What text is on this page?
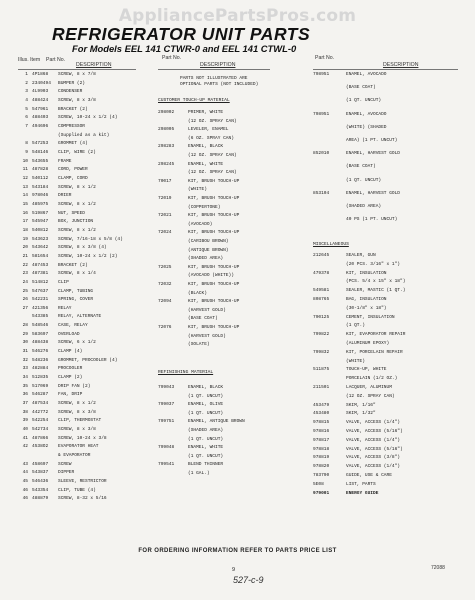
AppliancePartsPros.com
REFRIGERATOR UNIT PARTS
For Models EEL 141 CTWR-0 and EEL 141 CTWL-0
Illus. Item Part No.
DESCRIPTION
1 4P1868 SCREW, 8 x 7/8
2 2340494 BUMPER (2)
3 4L9903 CONDENSER
4 488424 SCREW, 8 x 3/8
5 547961 BRACKET (2)
6 488403 SCREW, 10-24 x 1/2 (4)
7 494696 COMPRESSOR
(Supplied as a kit)
8 547253 GROMMET (4)
9 548146 CLIP, WIRE (2)
10 543655 FRAME
11 487828 CORD, POWER
12 540112 CLAMP, CORD
13 543184 SCREW, 8 x 1/2
14 978046 DRIER
15 485975 SCREW, 8 x 1/2
16 519867 NUT, SPEED
17 545947 BOX, JUNCTION
18 540812 SCREW, 8 x 1/2
19 543623 SCREW, 7/16-18 x 5/8 (4)
20 543642 SCREW, 8 x 3/8 (4)
21 581654 SCREW, 10-24 x 1/2 (2)
22 487453 BRACKET (2)
23 487381 SCREW, 8 x 1/4
24 514812 CLIP
25 547637 CLAMP, TUBING
26 542231 SPRING, COVER
27 421356 RELAY
543385 RELAY, ALTERNATE
28 548546 CASE, RELAY
29 583697 OVERLOAD
30 488438 SCREW, 6 x 1/2
31 546276 CLAMP (4)
32 548236 GROMMET, PROCOOLER (4)
33 482884 PROCOOLER
34 512835 CLAMP (2)
35 517069 DRIP FAN (2)
36 546287 FAN, DRIP
37 487534 SCREW, 8 x 1/2
38 442772 SCREW, 8 x 3/8
39 542254 CLIP, THERMOSTAT
40 542734 SCREW, 8 x 3/8
41 487866 SCREW, 10-24 x 3/8
42 4538O2 EVAPORATOR HEAT
& EVAPORATOR
43 458697 SCREW
44 543837 DIPPER
45 546436 SLEEVE, RESTRICTOR
46 543354 CLIP, TUBE (4)
46 488879 SCREW, 8-32 x 5/16
Part No.
DESCRIPTION
PARTS NOT ILLUSTRATED ARE
OPTIONAL PARTS (NOT INCLUDED)
CUSTOMER TOUCH-UP MATERIAL
298002	PRIMER, WHITE
(12 OZ. SPRAY CAN)
298005	LEVELER, ENAMEL
(6 OZ. SPRAY CAN)
298283	ENAMEL, BLACK
(12 OZ. SPRAY CAN)
298245	ENAMEL, WHITE
(12 OZ. SPRAY CAN)
70017	KIT, BRUSH TOUCH-UP
(WHITE)
72019	KIT, BRUSH TOUCH-UP
(COPPERTONE)
72021	KIT, BRUSH TOUCH-UP
(AVOCADO)
72024	KIT, BRUSH TOUCH-UP
(CARIBOU BROWN)
(ANTIQUE BROWN)
(SHADED AREA)
72025	KIT, BRUSH TOUCH-UP
(AVOCADO (WHITE))
72032	KIT, BRUSH TOUCH-UP
(BLACK)
72094	KIT, BRUSH TOUCH-UP
(HARVEST GOLD)
(BASE COAT)
72076	KIT, BRUSH TOUCH-UP
(HARVEST GOLD)
(SOLATE)
REFINISHING MATERIAL
799043	ENAMEL, BLACK
(1 QT. UNCUT)
799037	ENAMEL, OLIVE
(1 QT. UNCUT)
799751	ENAMEL, ANTIQUE BROWN
(SHADED AREA)
(1 QT. UNCUT)
799048	ENAMEL, WHITE
(1 QT. UNCUT)
799541	BLEND THINNER
(1 GAL.)
Part No.
DESCRIPTION
798951	ENAMEL, AVOCADO
(BASE COAT)
(1 QT. UNCUT)
798951	ENAMEL, AVOCADO
(WHITE) (SHADED
AREA) (1 PT. UNCUT)
852010	ENAMEL, HARVEST GOLD
(BASE COAT)
(1 QT. UNCUT)
853104	ENAMEL, HARVEST GOLD
(SHADED AREA)
40 PS (1 PT. UNCUT)
MISCELLANEOUS
212645	SEALER, GUN
(20 PCS. 3/16" x 1")
479378	KIT, INSULATION
(PCS. 5/4 x 15" x 18")
549581	SEALER, MASTIC (1 QT.)
808765	BAG, INSULATION
(30-1/8" x 18")
790125	CEMENT, INSULATION
(1 QT.)
799822	KIT, EVAPORATOR REPAIR
(ALUMINUM EPOXY)
799832	KIT, PORCELAIN REPAIR
(WHITE)
511875	TOUCH-UP, WHITE
PORCELAIN (1/2 OZ.)
211501	LACQUER, ALUMINUM
(12 OZ. SPRAY CAN)
453479	SKIM, 1/16"
453480	SKIM, 1/32"
978815	VALVE, ACCESS (1/4")
978816	VALVE, ACCESS (5/16")
978817	VALVE, ACCESS (1/4")
978818	VALVE, ACCESS (5/16")
978819	VALVE, ACCESS (3/8")
978820	VALVE, ACCESS (1/4")
783790	GUIDE, USE & CARE
5E08	LIST, PARTS
979001	ENERGY GUIDE
FOR ORDERING INFORMATION REFER TO PARTS PRICE LIST
9
527-c-9
72088
